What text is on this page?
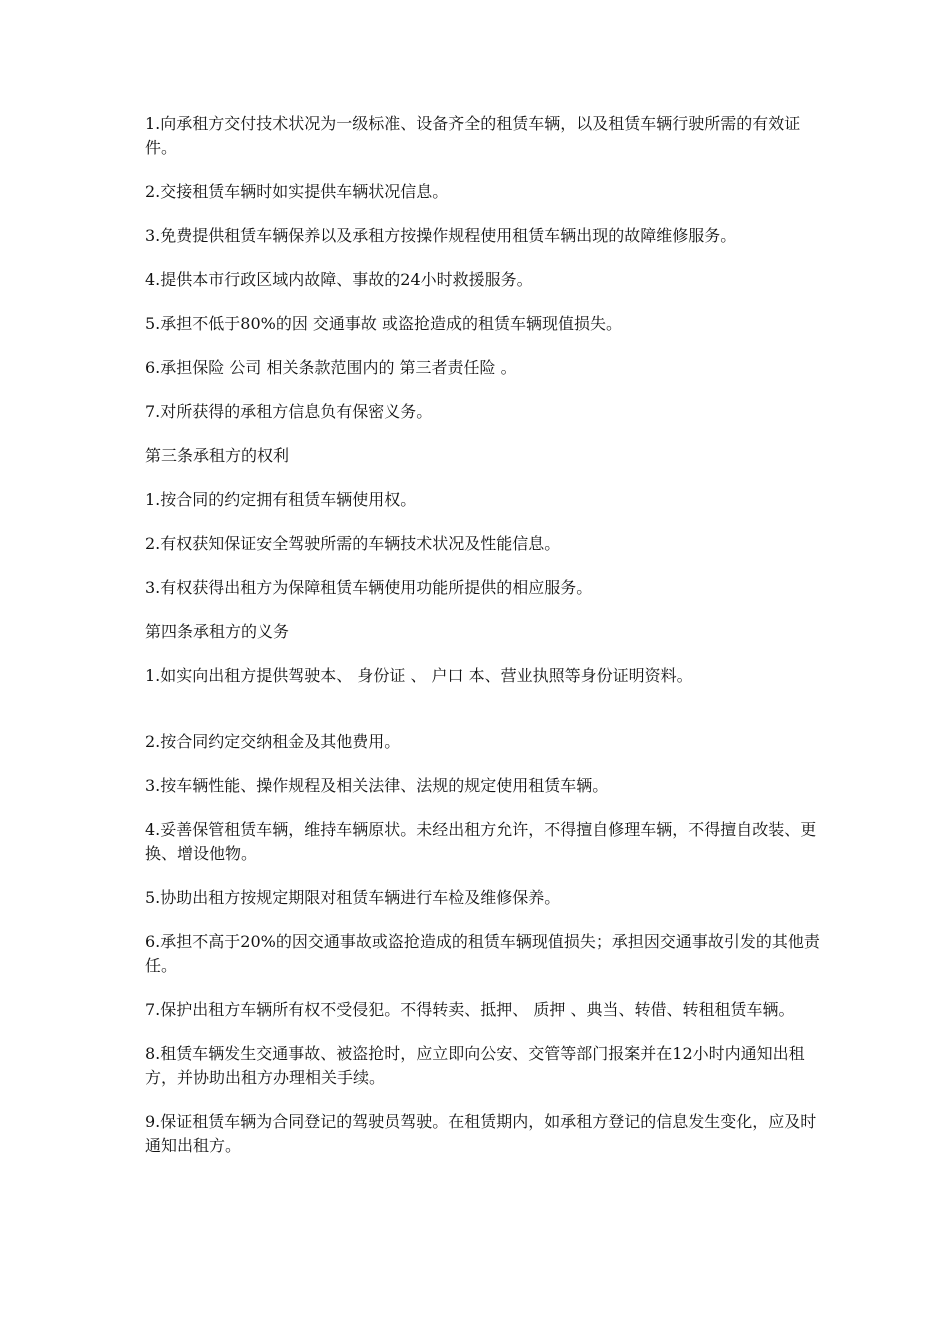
1.向承租方交付技术状况为一级标准、设备齐全的租赁车辆，以及租赁车辆行驶所需的有效证件。

2.交接租赁车辆时如实提供车辆状况信息。

3.免费提供租赁车辆保养以及承租方按操作规程使用租赁车辆出现的故障维修服务。

4.提供本市行政区域内故障、事故的24小时救援服务。

5.承担不低于80%的因 交通事故 或盗抢造成的租赁车辆现值损失。

6.承担保险 公司 相关条款范围内的 第三者责任险 。

7.对所获得的承租方信息负有保密义务。

第三条承租方的权利

1.按合同的约定拥有租赁车辆使用权。

2.有权获知保证安全驾驶所需的车辆技术状况及性能信息。

3.有权获得出租方为保障租赁车辆使用功能所提供的相应服务。

第四条承租方的义务

1.如实向出租方提供驾驶本、 身份证 、 户口 本、营业执照等身份证明资料。

2.按合同约定交纳租金及其他费用。

3.按车辆性能、操作规程及相关法律、法规的规定使用租赁车辆。

4.妥善保管租赁车辆，维持车辆原状。未经出租方允许，不得擅自修理车辆，不得擅自改装、更换、增设他物。

5.协助出租方按规定期限对租赁车辆进行车检及维修保养。

6.承担不高于20%的因交通事故或盗抢造成的租赁车辆现值损失；承担因交通事故引发的其他责任。

7.保护出租方车辆所有权不受侵犯。不得转卖、抵押、 质押 、典当、转借、转租租赁车辆。

8.租赁车辆发生交通事故、被盗抢时，应立即向公安、交管等部门报案并在12小时内通知出租方，并协助出租方办理相关手续。

9.保证租赁车辆为合同登记的驾驶员驾驶。在租赁期内，如承租方登记的信息发生变化，应及时通知出租方。
